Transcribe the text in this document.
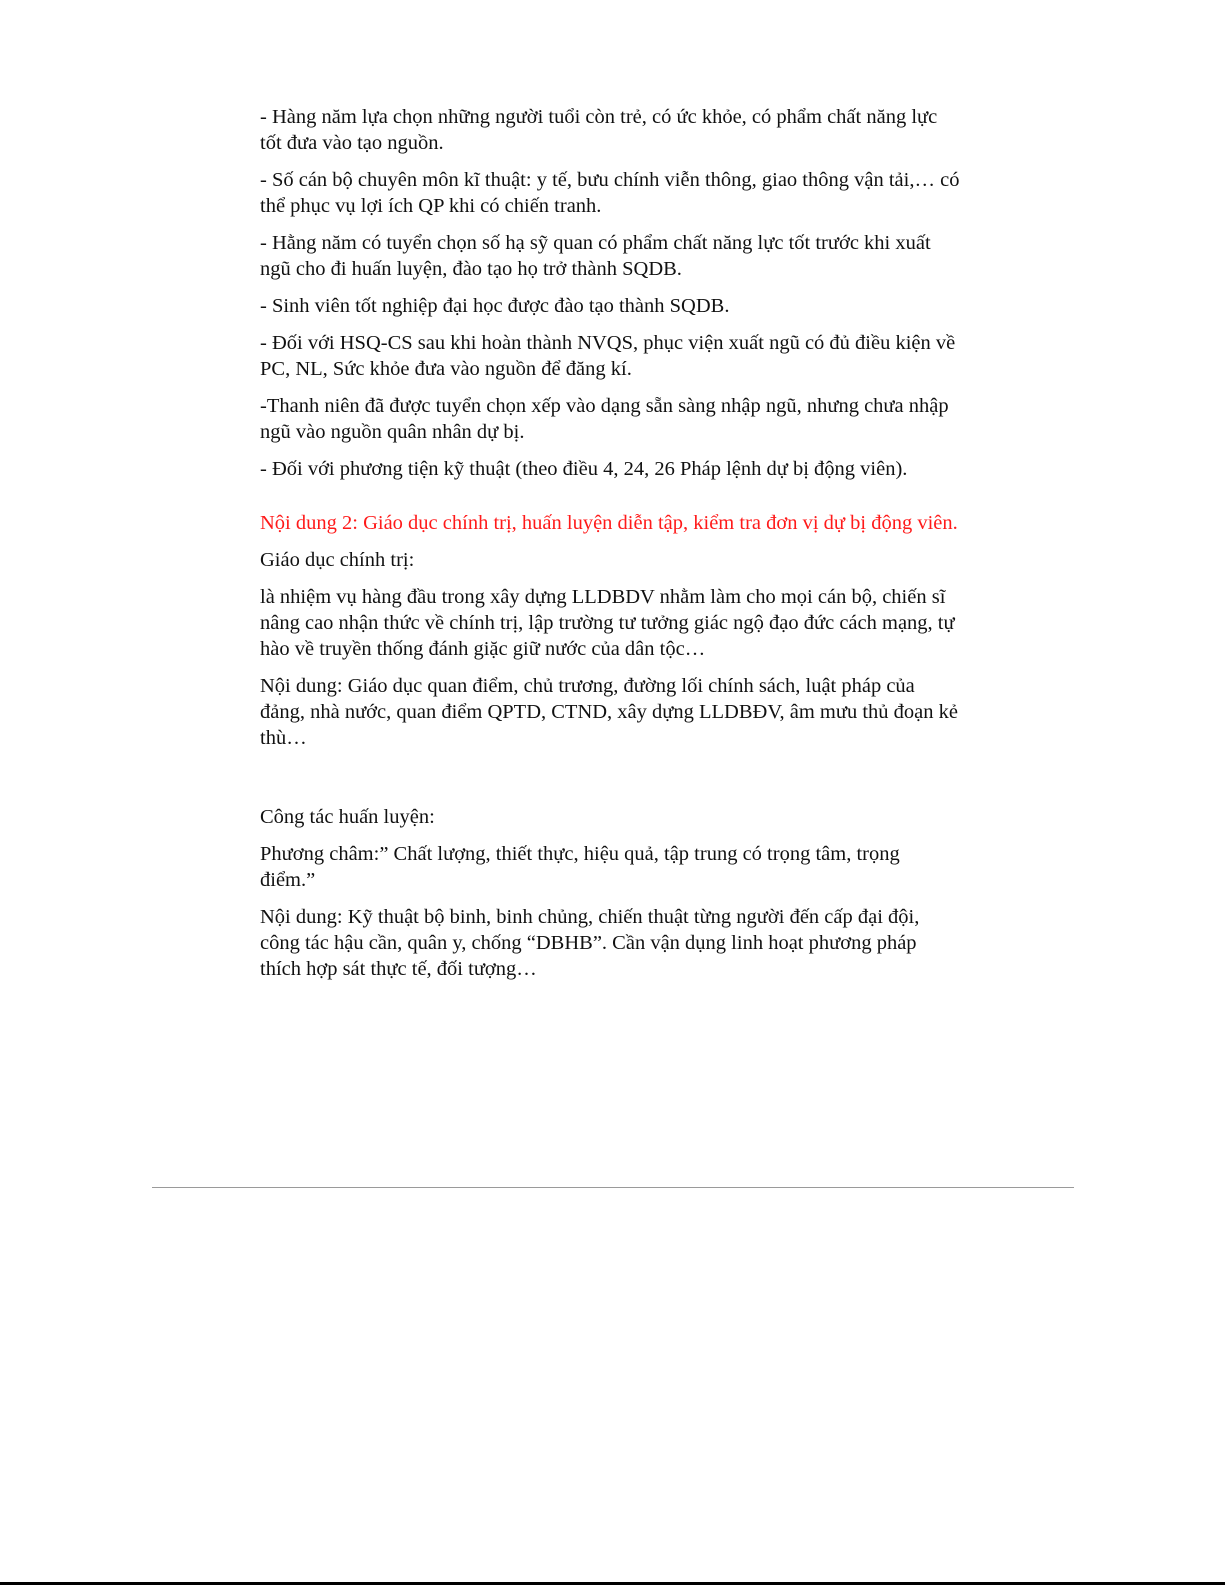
- Hàng năm lựa chọn những người tuổi còn trẻ, có ức khỏe, có phẩm chất năng lực tốt đưa vào tạo nguồn.

- Số cán bộ chuyên môn kĩ thuật: y tế, bưu chính viễn thông, giao thông vận tải,… có thể phục vụ lợi ích QP khi có chiến tranh.

- Hằng năm có tuyển chọn số hạ sỹ quan có phẩm chất năng lực tốt trước khi xuất ngũ cho đi huấn luyện, đào tạo họ trở thành SQDB.

- Sinh viên tốt nghiệp đại học được đào tạo thành SQDB.

- Đối với HSQ-CS sau khi hoàn thành NVQS, phục viện xuất ngũ có đủ điều kiện về PC, NL, Sức khỏe đưa vào nguồn để đăng kí.

-Thanh niên đã được tuyển chọn xếp vào dạng sẵn sàng nhập ngũ, nhưng chưa nhập ngũ vào nguồn quân nhân dự bị.

- Đối với phương tiện kỹ thuật (theo điều 4, 24, 26 Pháp lệnh dự bị động viên).

Nội dung 2: Giáo dục chính trị, huấn luyện diễn tập, kiểm tra đơn vị dự bị động viên.

Giáo dục chính trị:

là nhiệm vụ hàng đầu trong xây dựng LLDBDV nhằm làm cho mọi cán bộ, chiến sĩ nâng cao nhận thức về chính trị, lập trường tư tưởng giác ngộ đạo đức cách mạng, tự hào về truyền thống đánh giặc giữ nước của dân tộc…

Nội dung: Giáo dục quan điểm, chủ trương, đường lối chính sách, luật pháp của đảng, nhà nước, quan điểm QPTD, CTND, xây dựng LLDBĐV, âm mưu thủ đoạn kẻ thù…

Công tác huấn luyện:

Phương châm:” Chất lượng, thiết thực, hiệu quả, tập trung có trọng tâm, trọng điểm.”

Nội dung: Kỹ thuật bộ binh, binh chủng, chiến thuật từng người đến cấp đại đội, công tác hậu cần, quân y, chống “DBHB”. Cần vận dụng linh hoạt phương pháp thích hợp sát thực tế, đối tượng…
